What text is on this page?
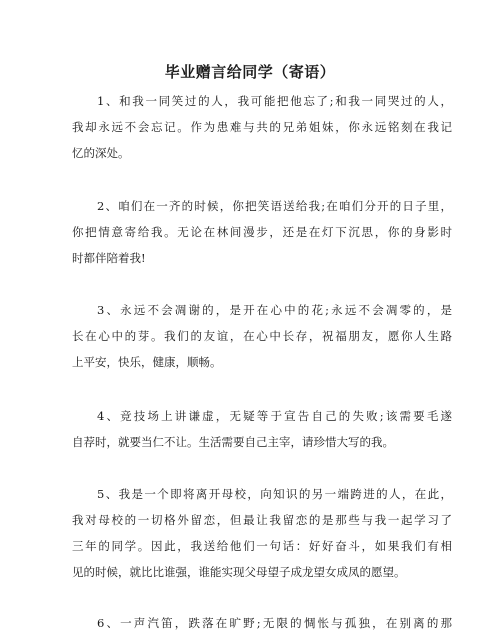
毕业赠言给同学（寄语）
1、和我一同笑过的人，我可能把他忘了;和我一同哭过的人，
我却永远不会忘记。作为患难与共的兄弟姐妹，你永远铭刻在我记
忆的深处。
2、咱们在一齐的时候，你把笑语送给我;在咱们分开的日子里，
你把情意寄给我。无论在林间漫步，还是在灯下沉思，你的身影时
时都伴陪着我!
3、永远不会凋谢的，是开在心中的花;永远不会凋零的，是
长在心中的芽。我们的友谊，在心中长存，祝福朋友，愿你人生路
上平安，快乐，健康，顺畅。
4、竞技场上讲谦虚，无疑等于宣告自己的失败;该需要毛遂
自荐时，就要当仁不让。生活需要自己主宰，请珍惜大写的我。
5、我是一个即将离开母校，向知识的另一端跨进的人，在此，
我对母校的一切格外留恋，但最让我留恋的是那些与我一起学习了
三年的同学。因此，我送给他们一句话：好好奋斗，如果我们有相
见的时候，就比比谁强，谁能实现父母望子成龙望女成凤的愿望。
6、一声汽笛，跌落在旷野;无限的惆怅与孤独，在别离的那
